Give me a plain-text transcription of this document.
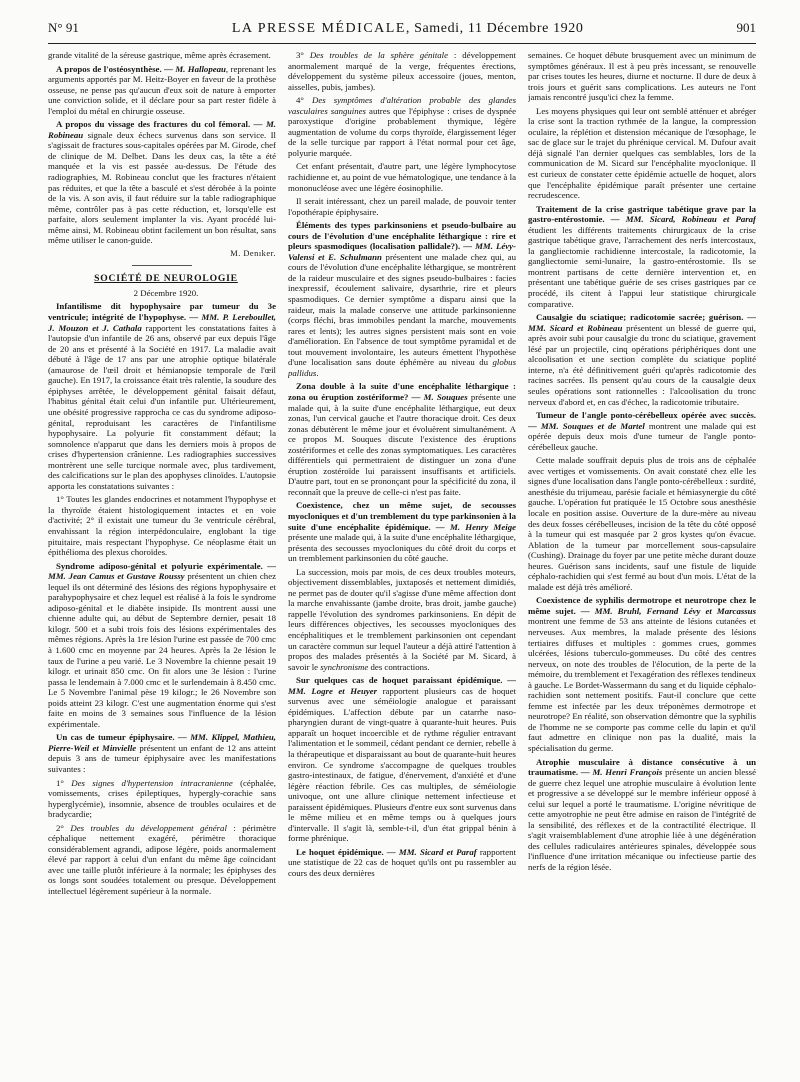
N° 91	LA PRESSE MÉDICALE, Samedi, 11 Décembre 1920	901

grande vitalité de la séreuse gastrique, même après écrasement.

A propos de l'ostéosynthèse. — M. Hallopeau, reprenant les arguments apportés par M. Heitz-Boyer en faveur de la prothèse osseuse, ne pense pas qu'aucun d'eux soit de nature à emporter une conviction solide, et il déclare pour sa part rester fidèle à l'emploi du métal en chirurgie osseuse.

A propos du vissage des fractures du col fémoral. — M. Robineau signale deux échecs survenus dans son service. Il s'agissait de fractures sous-capitales opérées par M. Girode, chef de clinique de M. Delbet. Dans les deux cas, la tête a été manquée et la vis est passée au-dessus. De l'étude des radiographies, M. Robineau conclut que les fractures n'étaient pas réduites, et que la tête a basculé et s'est dérobée à la pointe de la vis. A son avis, il faut réduire sur la table radiographique même, contrôler pas à pas cette réduction, et, lorsqu'elle est parfaite, alors seulement implanter la vis. Ayant procédé lui-même ainsi, M. Robineau obtint facilement un bon résultat, sans même utiliser le canon-guide.

M. Denıker.

SOCIÉTÉ DE NEUROLOGIE

2 Décembre 1920.

Infantilisme dit hypophysaire par tumeur du 3e ventricule; intégrité de l'hypophyse. — MM. P. Lereboullet, J. Mouzon et J. Cathala rapportent les constatations faites à l'autopsie d'un infantile de 26 ans, observé par eux depuis l'âge de 20 ans et présenté à la Société en 1917. La maladie avait débuté à l'âge de 17 ans par une atrophie optique bilatérale (amaurose de l'œil droit et hémianopsie temporale de l'œil gauche). En 1917, la croissance était très ralentie, la soudure des épiphyses arrêtée, le développement génital faisait défaut, l'habitus génital était celui d'un infantile pur. Ultérieurement, une obésité progressive rapprocha ce cas du syndrome adiposo-génital, reproduisant les caractères de l'infantilisme hypophysaire. La polyurie fit constamment défaut; la somnolence n'apparut que dans les derniers mois à propos de crises d'hypertension crânienne. Les radiographies successives montrèrent une selle turcique normale avec, plus tardivement, des calcifications sur le plan des apophyses clinoïdes. L'autopsie apporta les constatations suivantes :

1° Toutes les glandes endocrines et notamment l'hypophyse et la thyroïde étaient histologiquement intactes et en voie d'activité; 2° il existait une tumeur du 3e ventricule cérébral, envahissant la région interpédonculaire, englobant la tige pituitaire, mais respectant l'hypophyse. Ce néoplasme était un épithélioma des plexus choroïdes.

Syndrome adiposo-génital et polyurie expérimentale. — MM. Jean Camus et Gustave Roussy présentent un chien chez lequel ils ont déterminé des lésions des régions hypophysaire et parahypophysaire et chez lequel est réalisé à la fois le syndrome adiposo-génital et le diabète insipide. Ils montrent aussi une chienne adulte qui, au début de Septembre dernier, pesait 18 kilogr. 500 et a subi trois fois des lésions expérimentales des mêmes régions. Après la 1re lésion l'urine est passée de 700 cmc à 1.600 cmc en moyenne par 24 heures. Après la 2e lésion le taux de l'urine a peu varié. Le 3 Novembre la chienne pesait 19 kilogr. et urinait 850 cmc. On fit alors une 3e lésion : l'urine passa le lendemain à 7.000 cmc et le surlendemain à 8.450 cmc. Le 5 Novembre l'animal pèse 19 kilogr.; le 26 Novembre son poids atteint 23 kilogr. C'est une augmentation énorme qui s'est faite en moins de 3 semaines sous l'influence de la lésion expérimentale.

Un cas de tumeur épiphysaire. — MM. Klippel, Mathieu, Pierre-Weil et Minvielle présentent un enfant de 12 ans atteint depuis 3 ans de tumeur épiphysaire avec les manifestations suivantes :

1° Des signes d'hypertension intracranienne (céphalée, vomissements, crises épileptiques, hypergly-corachie sans hyperglycémie), insomnie, absence de troubles oculaires et de bradycardie;

2° Des troubles du développement général : périmètre céphalique nettement exagéré, périmètre thoracique considérablement agrandi, adipose légère, poids anormalement élevé par rapport à celui d'un enfant du même âge coïncidant avec une taille plutôt inférieure à la normale; les épiphyses des os longs sont soudées totalement ou presque. Développement intellectuel légèrement supérieur à la normale.

3° Des troubles de la sphère génitale : développement anormalement marqué de la verge, fréquentes érections, développement du système pileux accessoire (joues, menton, aisselles, pubis, jambes).

4° Des symptômes d'altération probable des glandes vasculaires sanguines autres que l'épiphyse : crises de dyspnée paroxystique d'origine probablement thymique, légère augmentation de volume du corps thyroïde, élargissement léger de la selle turcique par rapport à l'état normal pour cet âge, polyurie marquée.

Cet enfant présentait, d'autre part, une légère lymphocytose rachidienne et, au point de vue hématologique, une tendance à la mononucléose avec une légère éosinophilie.

Il serait intéressant, chez un pareil malade, de pouvoir tenter l'opothérapie épiphysaire.

Éléments des types parkinsoniens et pseudo-bulbaire au cours de l'évolution d'une encéphalite léthargique : rire et pleurs spasmodiques (localisation pallidale?). — MM. Lévy-Valensi et E. Schulmann présentent une malade chez qui, au cours de l'évolution d'une encéphalite léthargique, se montrèrent de la raideur musculaire et des signes pseudo-bulbaires : facies inexpressif, écoulement salivaire, dysarthrie, rire et pleurs spasmodiques. Ce dernier symptôme a disparu ainsi que la raideur, mais la malade conserve une attitude parkinsonienne (corps fléchi, bras immobiles pendant la marche, mouvements rares et lents); les autres signes persistent mais sont en voie d'amélioration. En l'absence de tout symptôme pyramidal et de tout mouvement involontaire, les auteurs émettent l'hypothèse d'une localisation sans doute éphémère au niveau du globus pallidus.

Zona double à la suite d'une encéphalite léthargique : zona ou éruption zostériforme? — M. Souques présente une malade qui, à la suite d'une encéphalite léthargique, eut deux zonas, l'un cervical gauche et l'autre thoracique droit. Ces deux zonas débutèrent le même jour et évoluèrent simultanément. A ce propos M. Souques discute l'existence des éruptions zostériformes et celle des zonas symptomatiques. Les caractères différentiels qui permettraient de distinguer un zona d'une éruption zostéroïde lui paraissent insuffisants et artificiels. D'autre part, tout en se prononçant pour la spécificité du zona, il reconnaît que la preuve de celle-ci n'est pas faite.

Coexistence, chez un même sujet, de secousses myocloniques et d'un tremblement du type parkinsonien à la suite d'une encéphalite épidémique. — M. Henry Meige présente une malade qui, à la suite d'une encéphalite léthargique, présenta des secousses myocloniques du côté droit du corps et un tremblement parkinsonien du côté gauche.

La succession, mois par mois, de ces deux troubles moteurs, objectivement dissemblables, juxtaposés et nettement dimidiés, ne permet pas de douter qu'il s'agisse d'une même affection dont la marche envahissante (jambe droite, bras droit, jambe gauche) rappelle l'évolution des syndromes parkinsoniens. En dépit de leurs différences objectives, les secousses myocloniques des encéphalitiques et le tremblement parkinsonien ont cependant un caractère commun sur lequel l'auteur a déjà attiré l'attention à propos des malades présentés à la Société par M. Sicard, à savoir le synchronisme des contractions.

Sur quelques cas de hoquet paraissant épidémique. — MM. Logre et Heuyer rapportent plusieurs cas de hoquet survenus avec une séméiologie analogue et paraissant épidémiques. L'affection débute par un catarrhe naso-pharyngien durant de vingt-quatre à quarante-huit heures. Puis apparaît un hoquet incoercible et de rythme régulier entravant l'alimentation et le sommeil, cédant pendant ce dernier, rebelle à la thérapeutique et disparaissant au bout de quarante-huit heures environ. Ce syndrome s'accompagne de quelques troubles gastro-intestinaux, de fatigue, d'énervement, d'anxiété et d'une légère réaction fébrile. Ces cas multiples, de séméiologie univoque, ont une allure clinique nettement infectieuse et paraissent épidémiques. Plusieurs d'entre eux sont survenus dans le même milieu et en même temps ou à quelques jours d'intervalle. Il s'agit là, semble-t-il, d'un état grippal bénin à forme phrénique.

Le hoquet épidémique. — MM. Sicard et Paraf rapportent une statistique de 22 cas de hoquet qu'ils ont pu rassembler au cours des deux dernières

semaines. Ce hoquet débute brusquement avec un minimum de symptômes généraux. Il est à peu près incessant, se renouvelle par crises toutes les heures, diurne et nocturne. Il dure de deux à trois jours et guérit sans complications. Les auteurs ne l'ont jamais rencontré jusqu'ici chez la femme.

Les moyens physiques qui leur ont semblé atténuer et abréger la crise sont la traction rythmée de la langue, la compression oculaire, la réplétion et distension mécanique de l'œsophage, le sac de glace sur le trajet du phrénique cervical. M. Dufour avait déjà signalé l'an dernier quelques cas semblables, lors de la communication de M. Sicard sur l'encéphalite myoclonique. Il est curieux de constater cette épidémie actuelle de hoquet, alors que l'encéphalite épidémique paraît présenter une certaine recrudescence.

Traitement de la crise gastrique tabétique grave par la gastro-entérostomie. — MM. Sicard, Robineau et Paraf étudient les différents traitements chirurgicaux de la crise gastrique tabétique grave, l'arrachement des nerfs intercostaux, la gangliectomie rachidienne intercostale, la radicotomie, la gangliectomie semi-lunaire, la gastro-entérostomie. Ils se montrent partisans de cette dernière intervention et, en présentant une tabétique guérie de ses crises gastriques par ce procédé, ils citent à l'appui leur statistique chirurgicale comparative.

Causalgie du sciatique; radicotomie sacrée; guérison. — MM. Sicard et Robineau présentent un blessé de guerre qui, après avoir subi pour causalgie du tronc du sciatique, gravement lésé par un projectile, cinq opérations périphériques dont une alcoolisation et une section complète du sciatique poplité interne, n'a été définitivement guéri qu'après radicotomie des racines sacrées. Ils pensent qu'au cours de la causalgie deux seules opérations sont rationnelles : l'alcoolisation du tronc nerveux d'abord et, en cas d'échec, la radicotomie tributaire.

Tumeur de l'angle ponto-cérébelleux opérée avec succès. — MM. Souques et de Martel montrent une malade qui est opérée depuis deux mois d'une tumeur de l'angle ponto-cérébelleux gauche.

Cette malade souffrait depuis plus de trois ans de céphalée avec vertiges et vomissements. On avait constaté chez elle les signes d'une localisation dans l'angle ponto-cérébelleux : surdité, anesthésie du trijumeau, parésie faciale et hémiasynergie du côté gauche. L'opération fut pratiquée le 15 Octobre sous anesthésie locale en position assise. Ouverture de la dure-mère au niveau des deux fosses cérébelleuses, incision de la tête du côté opposé à la tumeur qui est masquée par 2 gros kystes qu'on évacue. Ablation de la tumeur par morcellement sous-capsulaire (Cushing). Drainage du foyer par une petite mèche durant douze heures. Guérison sans incidents, sauf une fistule de liquide céphalo-rachidien qui s'est fermé au bout d'un mois. L'état de la malade est déjà très amélioré.

Coexistence de syphilis dermotrope et neurotrope chez le même sujet. — MM. Bruhl, Fernand Lévy et Marcassus montrent une femme de 53 ans atteinte de lésions cutanées et nerveuses. Aux membres, la malade présente des lésions tertiaires diffuses et multiples : gommes crues, gommes ulcérées, lésions tuberculo-gommeuses. Du côté des centres nerveux, on note des troubles de l'élocution, de la perte de la mémoire, du tremblement et l'exagération des réflexes tendineux à gauche. Le Bordet-Wassermann du sang et du liquide céphalo-rachidien sont nettement positifs. Faut-il conclure que cette femme est infectée par les deux tréponèmes dermotrope et neurotrope? En réalité, son observation démontre que la syphilis de l'homme ne se comporte pas comme celle du lapin et qu'il faut admettre en clinique non pas la dualité, mais la spécialisation du germe.

Atrophie musculaire à distance consécutive à un traumatisme. — M. Henri François présente un ancien blessé de guerre chez lequel une atrophie musculaire à évolution lente et progressive a se développé sur le membre inférieur opposé à celui sur lequel a porté le traumatisme. L'origine névritique de cette amyotrophie ne peut être admise en raison de l'intégrité de la sensibilité, des réflexes et de la contractilité électrique. Il s'agit vraisemblablement d'une atrophie liée à une dégénération des cellules radiculaires antérieures spinales, développée sous l'influence d'une irritation mécanique ou infectieuse partie des nerfs de la région lésée.
